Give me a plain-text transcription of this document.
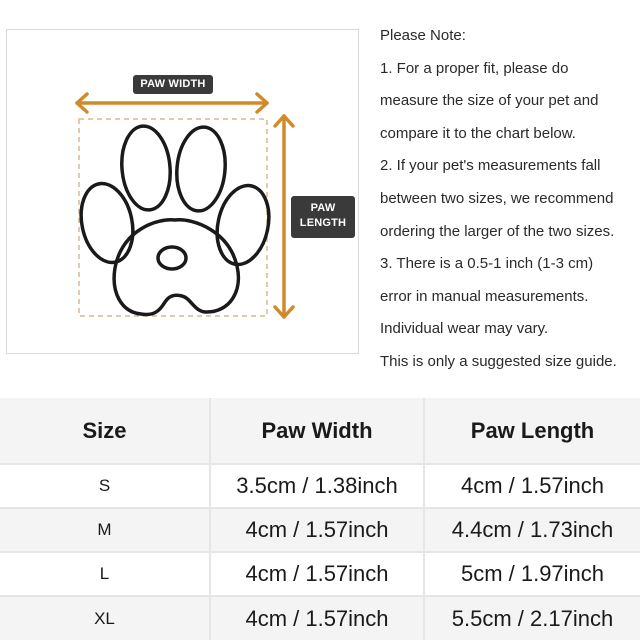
PAW WIDTH
PAW
LENGTH
Please Note:
1. For a proper fit, please do
measure the size of your pet and
compare it to the chart below.
2. If your pet's measurements fall
between two sizes, we recommend
ordering the larger of the two sizes.
3. There is a 0.5-1 inch (1-3 cm)
error in manual measurements.
Individual wear may vary.
This is only a suggested size guide.
Size	Paw Width	Paw Length
S	3.5cm / 1.38inch	4cm / 1.57inch
M	4cm / 1.57inch	4.4cm / 1.73inch
L	4cm / 1.57inch	5cm / 1.97inch
XL	4cm / 1.57inch	5.5cm / 2.17inch
